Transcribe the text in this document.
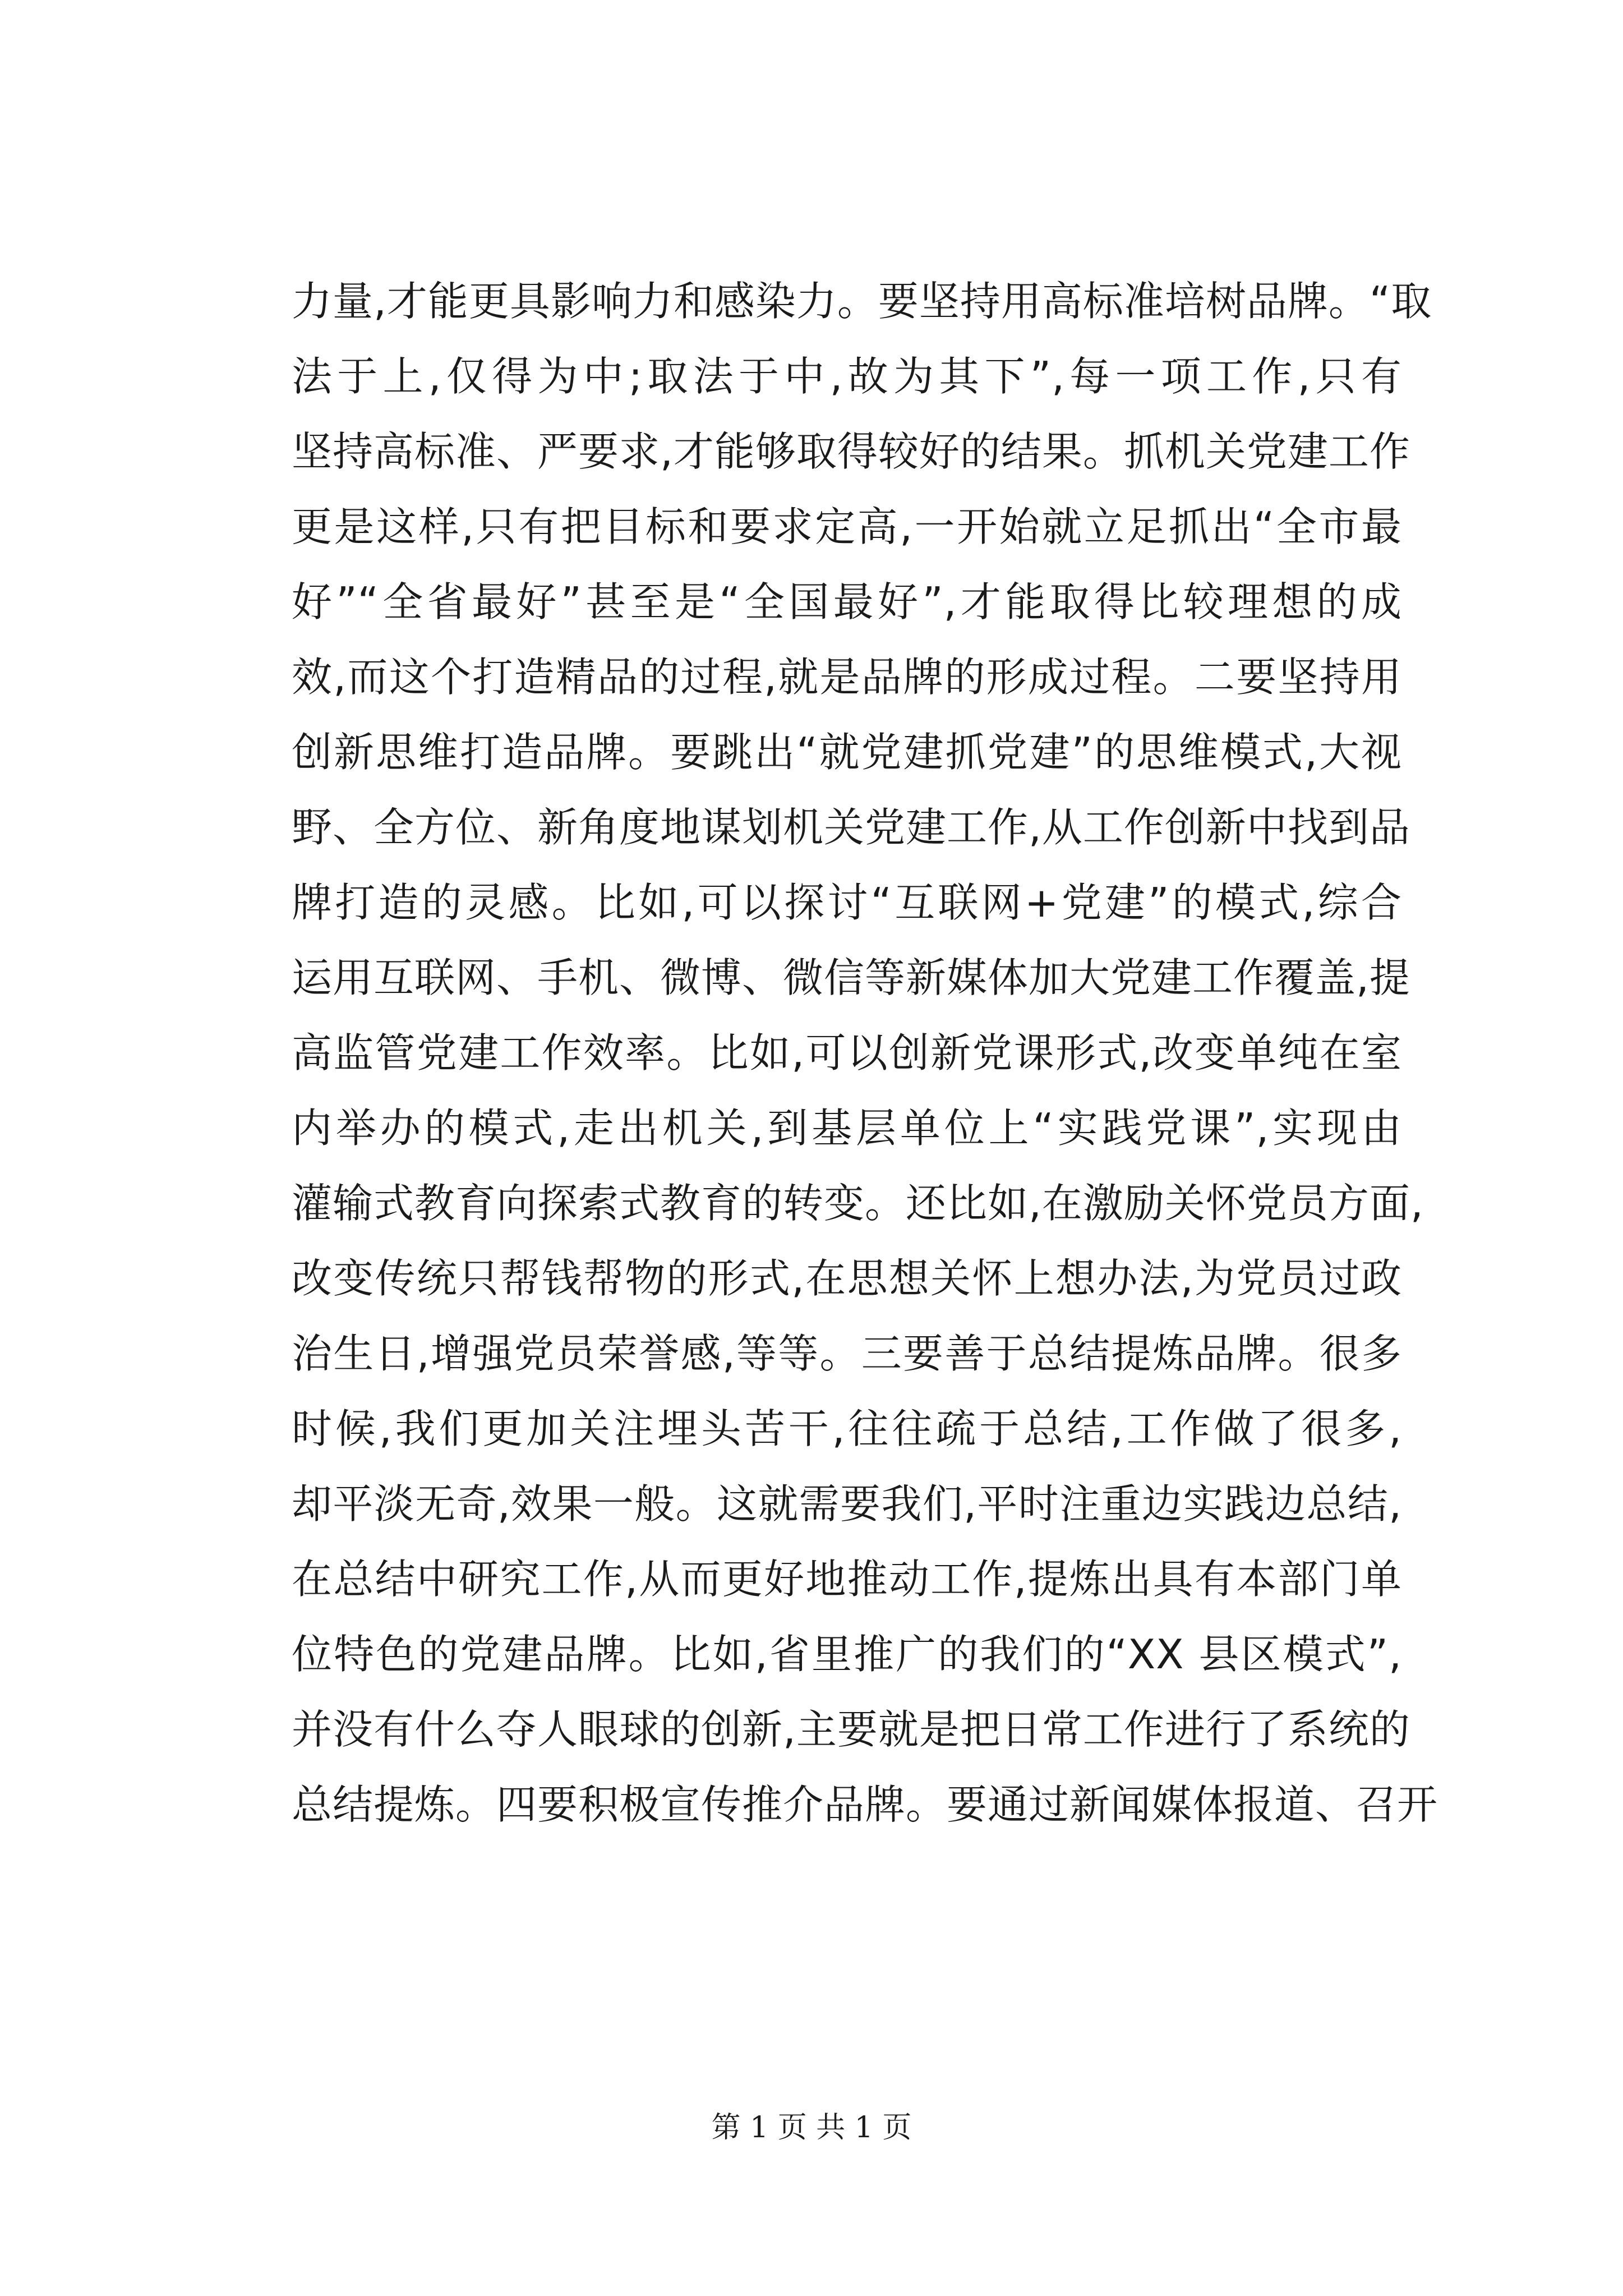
力量,才能更具影响力和感染力。要坚持用高标准培树品牌。“取
法于上,仅得为中;取法于中,故为其下”,每一项工作,只有
坚持高标准、严要求,才能够取得较好的结果。抓机关党建工作
更是这样,只有把目标和要求定高,一开始就立足抓出“全市最
好”“全省最好”甚至是“全国最好”,才能取得比较理想的成
效,而这个打造精品的过程,就是品牌的形成过程。二要坚持用
创新思维打造品牌。要跳出“就党建抓党建”的思维模式,大视
野、全方位、新角度地谋划机关党建工作,从工作创新中找到品
牌打造的灵感。比如,可以探讨“互联网+党建”的模式,综合
运用互联网、手机、微博、微信等新媒体加大党建工作覆盖,提
高监管党建工作效率。比如,可以创新党课形式,改变单纯在室
内举办的模式,走出机关,到基层单位上“实践党课”,实现由
灌输式教育向探索式教育的转变。还比如,在激励关怀党员方面,
改变传统只帮钱帮物的形式,在思想关怀上想办法,为党员过政
治生日,增强党员荣誉感,等等。三要善于总结提炼品牌。很多
时候,我们更加关注埋头苦干,往往疏于总结,工作做了很多,
却平淡无奇,效果一般。这就需要我们,平时注重边实践边总结,
在总结中研究工作,从而更好地推动工作,提炼出具有本部门单
位特色的党建品牌。比如,省里推广的我们的“XX 县区模式”,
并没有什么夺人眼球的创新,主要就是把日常工作进行了系统的
总结提炼。四要积极宣传推介品牌。要通过新闻媒体报道、召开
第 1 页 共 1 页
